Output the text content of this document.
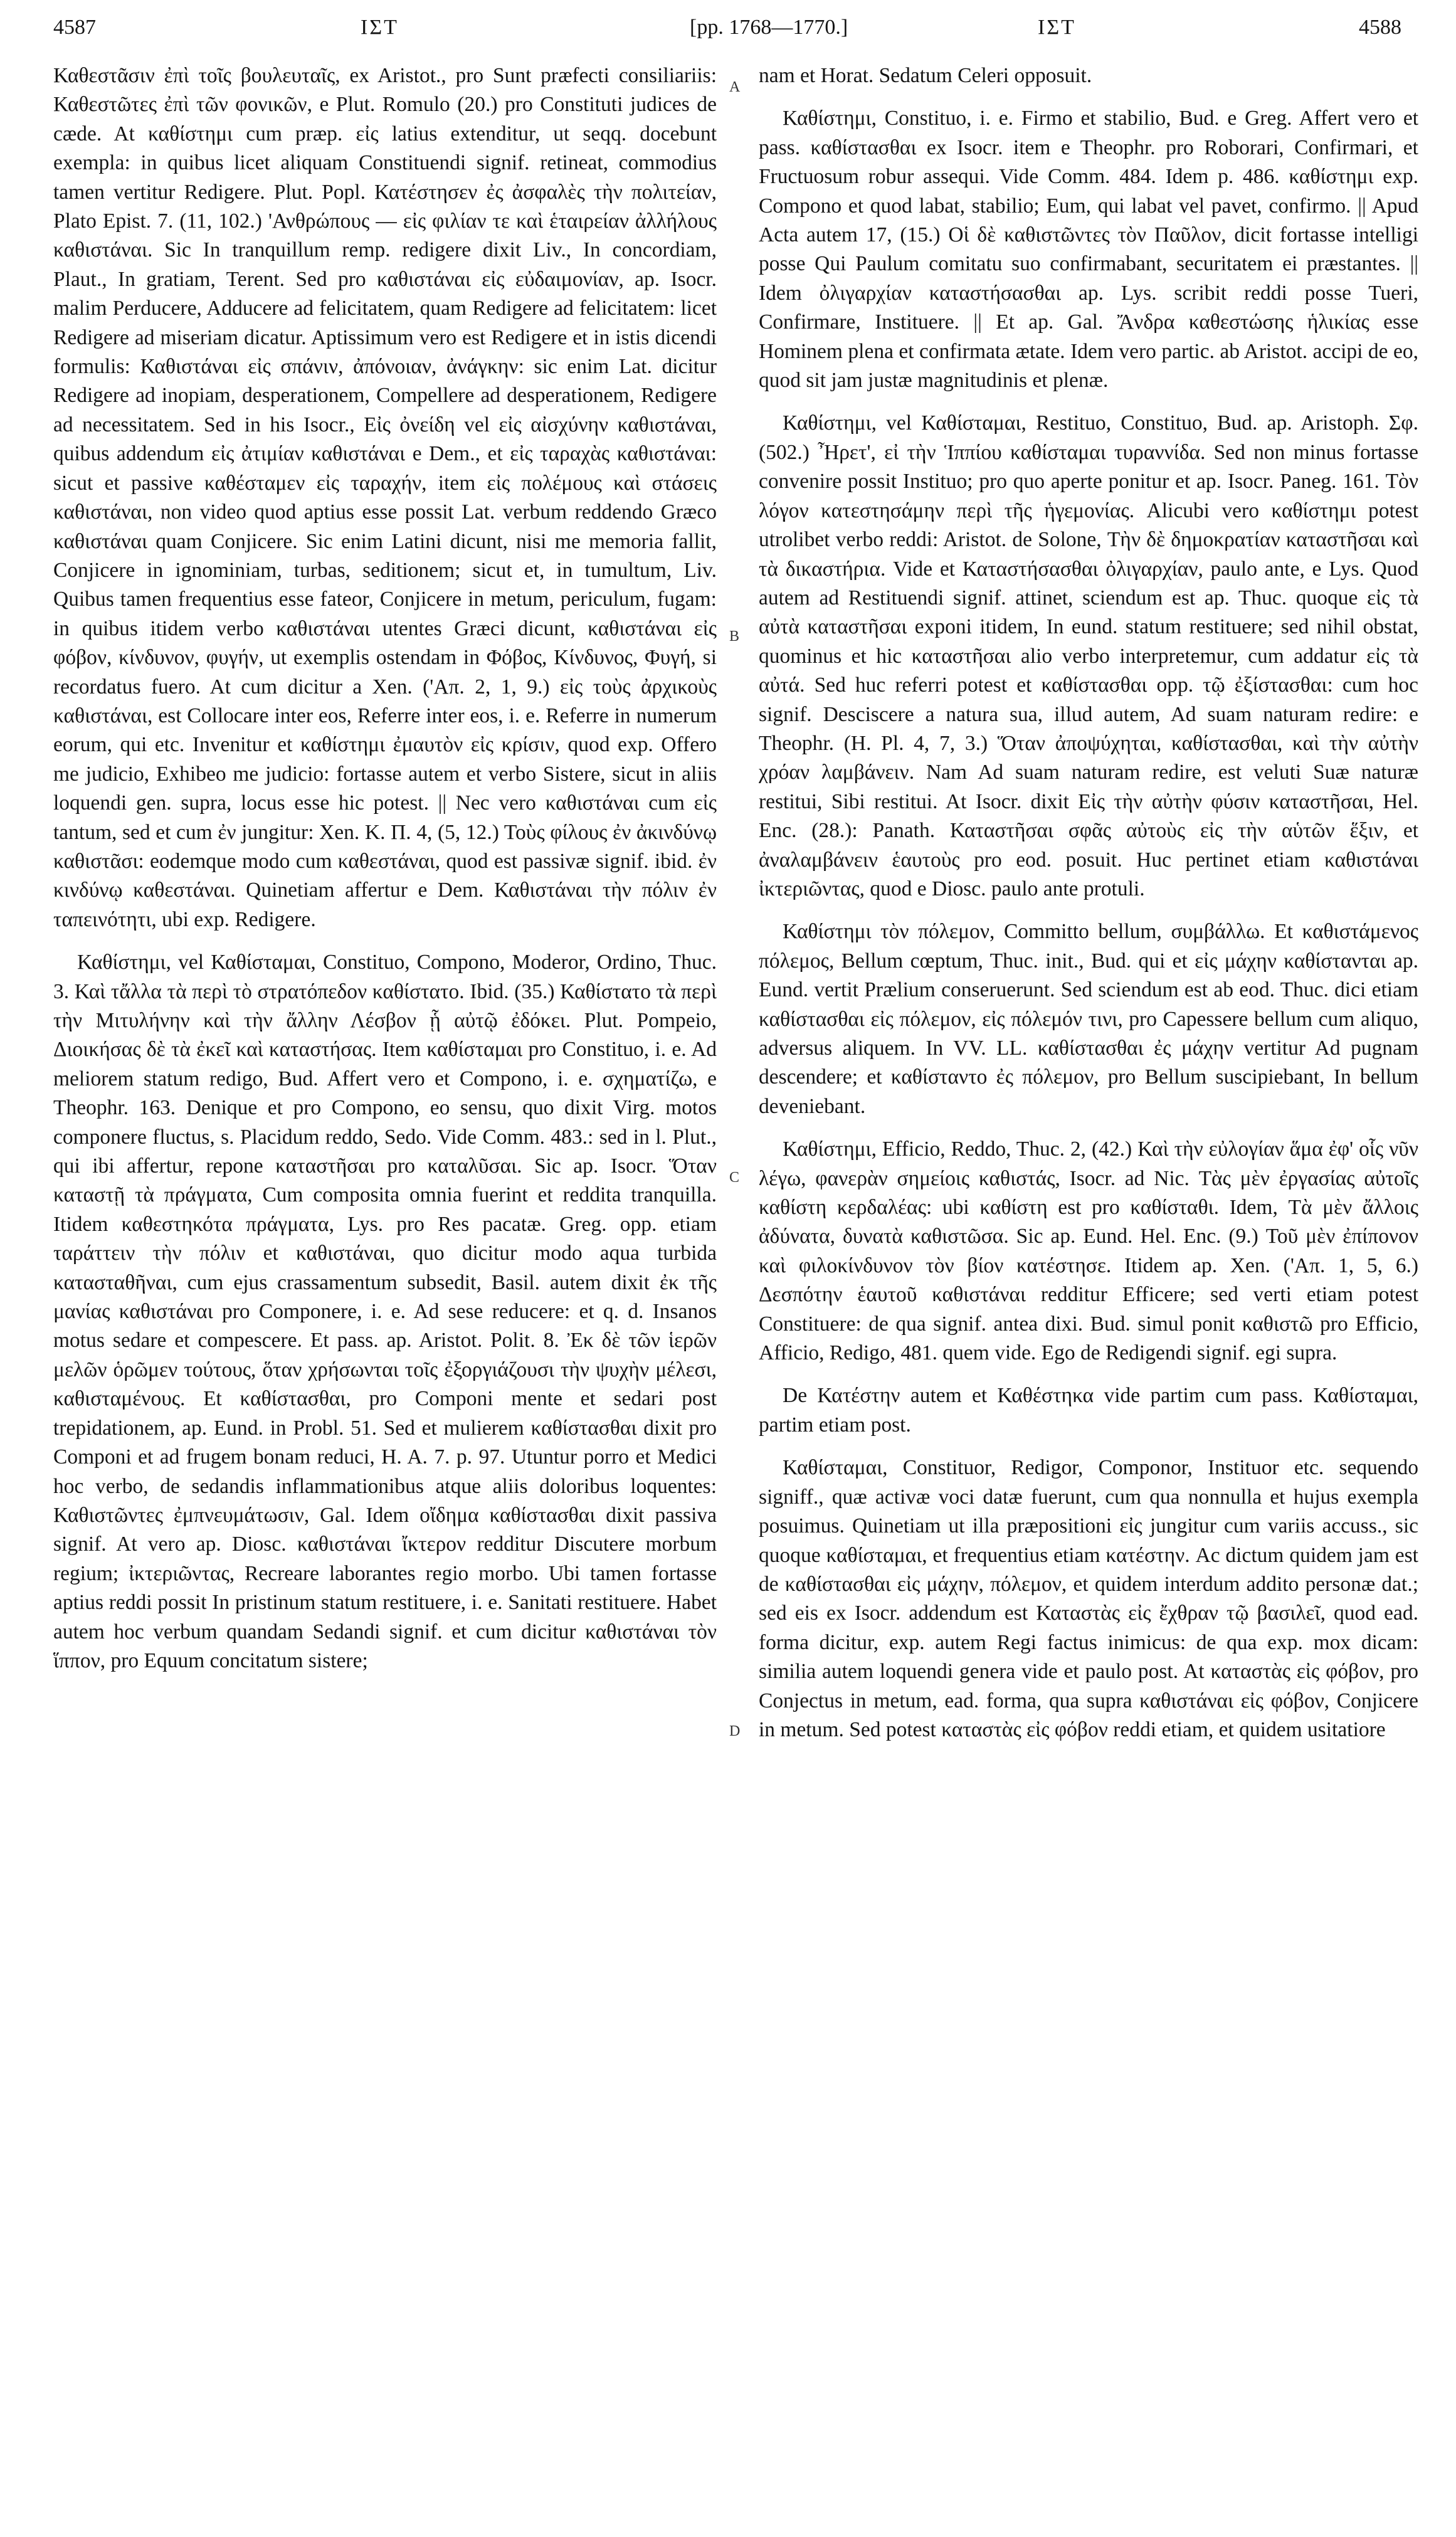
4587	ΙΣΤ	[pp. 1768—1770.]	ΙΣΤ	4588
A
B
C
D

Καθεστᾶσιν ἐπὶ τοῖς βουλευταῖς, ex Aristot., pro Sunt præfecti consiliariis: Καθεστῶτες ἐπὶ τῶν φονικῶν, e Plut. Romulo (20.) pro Constituti judices de cæde. At καθίστημι cum præp. εἰς latius extenditur, ut seqq. docebunt exempla: in quibus licet aliquam Constituendi signif. retineat, commodius tamen vertitur Redigere. Plut. Popl. Κατέστησεν ἐς ἀσφαλὲς τὴν πολιτείαν, Plato Epist. 7. (11, 102.) 'Ανθρώπους — εἰς φιλίαν τε καὶ ἑταιρείαν ἀλλήλους καθιστάναι. Sic In tranquillum remp. redigere dixit Liv., In concordiam, Plaut., In gratiam, Terent. Sed pro καθιστάναι εἰς εὐδαιμονίαν, ap. Isocr. malim Perducere, Adducere ad felicitatem, quam Redigere ad felicitatem: licet Redigere ad miseriam dicatur. Aptissimum vero est Redigere et in istis dicendi formulis: Καθιστάναι εἰς σπάνιν, ἀπόνοιαν, ἀνάγκην: sic enim Lat. dicitur Redigere ad inopiam, desperationem, Compellere ad desperationem, Redigere ad necessitatem. Sed in his Isocr., Εἰς ὀνείδη vel εἰς αἰσχύνην καθιστάναι, quibus addendum εἰς ἀτιμίαν καθιστάναι e Dem., et εἰς ταραχὰς καθιστάναι: sicut et passive καθέσταμεν εἰς ταραχήν, item εἰς πολέμους καὶ στάσεις καθιστάναι, non video quod aptius esse possit Lat. verbum reddendo Græco καθιστάναι quam Conjicere. Sic enim Latini dicunt, nisi me memoria fallit, Conjicere in ignominiam, turbas, seditionem; sicut et, in tumultum, Liv. Quibus tamen frequentius esse fateor, Conjicere in metum, periculum, fugam: in quibus itidem verbo καθιστάναι utentes Græci dicunt, καθιστάναι εἰς φόβον, κίνδυνον, φυγήν, ut exemplis ostendam in Φόβος, Κίνδυνος, Φυγή, si recordatus fuero. At cum dicitur a Xen. ('Απ. 2, 1, 9.) εἰς τοὺς ἀρχικοὺς καθιστάναι, est Collocare inter eos, Referre inter eos, i. e. Referre in numerum eorum, qui etc. Invenitur et καθίστημι ἐμαυτὸν εἰς κρίσιν, quod exp. Offero me judicio, Exhibeo me judicio: fortasse autem et verbo Sistere, sicut in aliis loquendi gen. supra, locus esse hic potest. || Nec vero καθιστάναι cum εἰς tantum, sed et cum ἐν jungitur: Xen. K. Π. 4, (5, 12.) Τοὺς φίλους ἐν ἀκινδύνῳ καθιστᾶσι: eodemque modo cum καθεστάναι, quod est passivæ signif. ibid. ἐν κινδύνῳ καθεστάναι. Quinetiam affertur e Dem. Καθιστάναι τὴν πόλιν ἐν ταπεινότητι, ubi exp. Redigere.

Καθίστημι, vel Καθίσταμαι, Constituo, Compono, Moderor, Ordino, Thuc. 3. Καὶ τἄλλα τὰ περὶ τὸ στρατόπεδον καθίστατο. Ibid. (35.) Καθίστατο τὰ περὶ τὴν Μιτυλήνην καὶ τὴν ἄλλην Λέσβον ᾗ αὐτῷ ἐδόκει. Plut. Pompeio, Διοικήσας δὲ τὰ ἐκεῖ καὶ καταστήσας. Item καθίσταμαι pro Constituo, i. e. Ad meliorem statum redigo, Bud. Affert vero et Compono, i. e. σχηματίζω, e Theophr. 163. Denique et pro Compono, eo sensu, quo dixit Virg. motos componere fluctus, s. Placidum reddo, Sedo. Vide Comm. 483.: sed in l. Plut., qui ibi affertur, repone καταστῆσαι pro καταλῦσαι. Sic ap. Isocr. Ὅταν καταστῇ τὰ πράγματα, Cum composita omnia fuerint et reddita tranquilla. Itidem καθεστηκότα πράγματα, Lys. pro Res pacatæ. Greg. opp. etiam ταράττειν τὴν πόλιν et καθιστάναι, quo dicitur modo aqua turbida κατασταθῆναι, cum ejus crassamentum subsedit, Basil. autem dixit ἐκ τῆς μανίας καθιστάναι pro Componere, i. e. Ad sese reducere: et q. d. Insanos motus sedare et compescere. Et pass. ap. Aristot. Polit. 8. Ἐκ δὲ τῶν ἱερῶν μελῶν ὁρῶμεν τούτους, ὅταν χρήσωνται τοῖς ἐξοργιάζουσι τὴν ψυχὴν μέλεσι, καθισταμένους. Et καθίστασθαι, pro Componi mente et sedari post trepidationem, ap. Eund. in Probl. 51. Sed et mulierem καθίστασθαι dixit pro Componi et ad frugem bonam reduci, H. A. 7. p. 97. Utuntur porro et Medici hoc verbo, de sedandis inflammationibus atque aliis doloribus loquentes: Καθιστῶντες ἐμπνευμάτωσιν, Gal. Idem οἴδημα καθίστασθαι dixit passiva signif. At vero ap. Diosc. καθιστάναι ἴκτερον redditur Discutere morbum regium; ἰκτεριῶντας, Recreare laborantes regio morbo. Ubi tamen fortasse aptius reddi possit In pristinum statum restituere, i. e. Sanitati restituere. Habet autem hoc verbum quandam Sedandi signif. et cum dicitur καθιστάναι τὸν ἵππον, pro Equum concitatum sistere;

nam et Horat. Sedatum Celeri opposuit.

Καθίστημι, Constituo, i. e. Firmo et stabilio, Bud. e Greg. Affert vero et pass. καθίστασθαι ex Isocr. item e Theophr. pro Roborari, Confirmari, et Fructuosum robur assequi. Vide Comm. 484. Idem p. 486. καθίστημι exp. Compono et quod labat, stabilio; Eum, qui labat vel pavet, confirmo. || Apud Acta autem 17, (15.) Οἱ δὲ καθιστῶντες τὸν Παῦλον, dicit fortasse intelligi posse Qui Paulum comitatu suo confirmabant, securitatem ei præstantes. || Idem ὀλιγαρχίαν καταστήσασθαι ap. Lys. scribit reddi posse Tueri, Confirmare, Instituere. || Et ap. Gal. Ἄνδρα καθεστώσης ἡλικίας esse Hominem plena et confirmata ætate. Idem vero partic. ab Aristot. accipi de eo, quod sit jam justæ magnitudinis et plenæ.

Καθίστημι, vel Καθίσταμαι, Restituo, Constituo, Bud. ap. Aristoph. Σφ. (502.) Ἦρετ', εἰ τὴν Ἱππίου καθίσταμαι τυραννίδα. Sed non minus fortasse convenire possit Instituo; pro quo aperte ponitur et ap. Isocr. Paneg. 161. Τὸν λόγον κατεστησάμην περὶ τῆς ἡγεμονίας. Alicubi vero καθίστημι potest utrolibet verbo reddi: Aristot. de Solone, Τὴν δὲ δημοκρατίαν καταστῆσαι καὶ τὰ δικαστήρια. Vide et Καταστήσασθαι ὀλιγαρχίαν, paulo ante, e Lys. Quod autem ad Restituendi signif. attinet, sciendum est ap. Thuc. quoque εἰς τὰ αὐτὰ καταστῆσαι exponi itidem, In eund. statum restituere; sed nihil obstat, quominus et hic καταστῆσαι alio verbo interpretemur, cum addatur εἰς τὰ αὐτά. Sed huc referri potest et καθίστασθαι opp. τῷ ἐξίστασθαι: cum hoc signif. Desciscere a natura sua, illud autem, Ad suam naturam redire: e Theophr. (H. Pl. 4, 7, 3.) Ὅταν ἀποψύχηται, καθίστασθαι, καὶ τὴν αὐτὴν χρόαν λαμβάνειν. Nam Ad suam naturam redire, est veluti Suæ naturæ restitui, Sibi restitui. At Isocr. dixit Εἰς τὴν αὐτὴν φύσιν καταστῆσαι, Hel. Enc. (28.): Panath. Καταστῆσαι σφᾶς αὐτοὺς εἰς τὴν αὑτῶν ἕξιν, et ἀναλαμβάνειν ἑαυτοὺς pro eod. posuit. Huc pertinet etiam καθιστάναι ἰκτεριῶντας, quod e Diosc. paulo ante protuli.

Καθίστημι τὸν πόλεμον, Committo bellum, συμβάλλω. Et καθιστάμενος πόλεμος, Bellum cœptum, Thuc. init., Bud. qui et εἰς μάχην καθίστανται ap. Eund. vertit Prælium conseruerunt. Sed sciendum est ab eod. Thuc. dici etiam καθίστασθαι εἰς πόλεμον, εἰς πόλεμόν τινι, pro Capessere bellum cum aliquo, adversus aliquem. In VV. LL. καθίστασθαι ἐς μάχην vertitur Ad pugnam descendere; et καθίσταντο ἐς πόλεμον, pro Bellum suscipiebant, In bellum deveniebant.

Καθίστημι, Efficio, Reddo, Thuc. 2, (42.) Καὶ τὴν εὐλογίαν ἅμα ἐφ' οἷς νῦν λέγω, φανερὰν σημείοις καθιστάς, Isocr. ad Nic. Τὰς μὲν ἐργασίας αὐτοῖς καθίστη κερδαλέας: ubi καθίστη est pro καθίσταθι. Idem, Τὰ μὲν ἄλλοις ἀδύνατα, δυνατὰ καθιστῶσα. Sic ap. Eund. Hel. Enc. (9.) Τοῦ μὲν ἐπίπονον καὶ φιλοκίνδυνον τὸν βίον κατέστησε. Itidem ap. Xen. ('Απ. 1, 5, 6.) Δεσπότην ἑαυτοῦ καθιστάναι redditur Efficere; sed verti etiam potest Constituere: de qua signif. antea dixi. Bud. simul ponit καθιστῶ pro Efficio, Afficio, Redigo, 481. quem vide. Ego de Redigendi signif. egi supra.

De Κατέστην autem et Καθέστηκα vide partim cum pass. Καθίσταμαι, partim etiam post.

Καθίσταμαι, Constituor, Redigor, Componor, Instituor etc. sequendo signiff., quæ activæ voci datæ fuerunt, cum qua nonnulla et hujus exempla posuimus. Quinetiam ut illa præpositioni εἰς jungitur cum variis accuss., sic quoque καθίσταμαι, et frequentius etiam κατέστην. Ac dictum quidem jam est de καθίστασθαι εἰς μάχην, πόλεμον, et quidem interdum addito personæ dat.; sed eis ex Isocr. addendum est Καταστὰς εἰς ἔχθραν τῷ βασιλεῖ, quod ead. forma dicitur, exp. autem Regi factus inimicus: de qua exp. mox dicam: similia autem loquendi genera vide et paulo post. At καταστὰς εἰς φόβον, pro Conjectus in metum, ead. forma, qua supra καθιστάναι εἰς φόβον, Conjicere in metum. Sed potest καταστὰς εἰς φόβον reddi etiam, et quidem usitatiore
